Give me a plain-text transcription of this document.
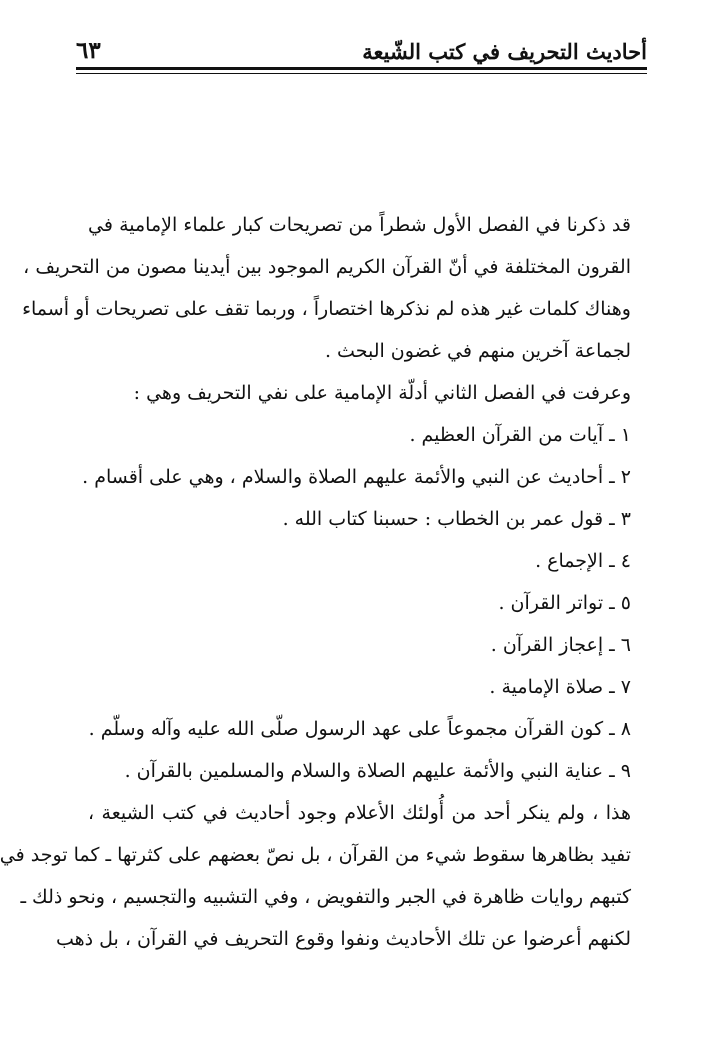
أحاديث التحريف في كتب الشّيعة
٦٣
قد ذكرنا في الفصل الأول شطراً من تصريحات كبار علماء الإمامية في
القرون المختلفة في أنّ القرآن الكريم الموجود بين أيدينا مصون من التحريف ،
وهناك كلمات غير هذه لم نذكرها اختصاراً ، وربما تقف على تصريحات أو أسماء
لجماعة آخرين منهم في غضون البحث .
وعرفت في الفصل الثاني أدلّة الإمامية على نفي التحريف وهي :
١ ـ آيات من القرآن العظيم .
٢ ـ أحاديث عن النبي والأئمة عليهم الصلاة والسلام ، وهي على أقسام .
٣ ـ قول عمر بن الخطاب : حسبنا كتاب الله .
٤ ـ الإجماع .
٥ ـ تواتر القرآن .
٦ ـ إعجاز القرآن .
٧ ـ صلاة الإمامية .
٨ ـ كون القرآن مجموعاً على عهد الرسول صلّى الله عليه وآله وسلّم .
٩ ـ عناية النبي والأئمة عليهم الصلاة والسلام والمسلمين بالقرآن .
هذا ، ولم ينكر أحد من أُولئك الأعلام وجود أحاديث في كتب الشيعة ،
تفيد بظاهرها سقوط شيء من القرآن ، بل نصّ بعضهم على كثرتها ـ كما توجد في
كتبهم روايات ظاهرة في الجبر والتفويض ، وفي التشبيه والتجسيم ، ونحو ذلك ـ
لكنهم أعرضوا عن تلك الأحاديث ونفوا وقوع التحريف في القرآن ، بل ذهب
